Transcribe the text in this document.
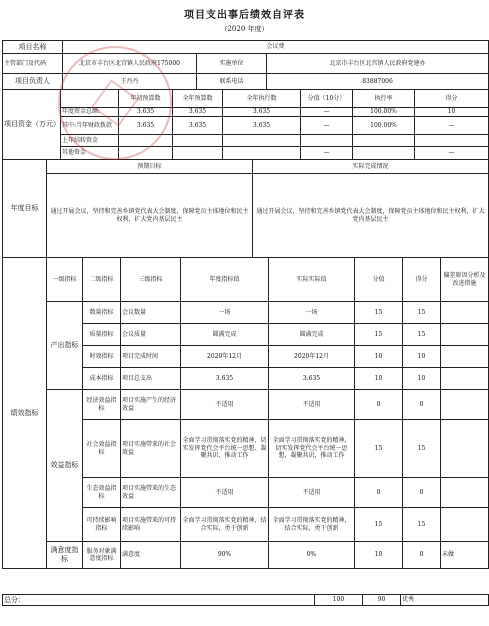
项目支出事后绩效自评表
（2020 年度）
项目名称	会议费		
主管部门及代码	北京市丰台区北宫镇人民政府175000	实施单位	北京市丰台区北宫镇人民政府党建办
项目负责人	王丹丹	联系电话	83887006
项目资金（万元）		年初预算数	全年预算数	全年执行数	分值（10分）	执行率	得分
	年度资金总额:	3.635	3.635	3.635	—	100.00%	10
	其中:当年财政拨款	3.635	3.635	3.635	—	100.00%	—
	上年结转资金						
	其他资金				—		—
年度目标	预期目标	实际完成情况
	通过开展会议，坚持和完善乡镇党代表大会制度，保障党员主体地位和民主权利，扩大党内基层民主	通过开展会议，坚持和完善乡镇党代表大会制度，保障党员主体地位和民主权利，扩大党内基层民主
绩效指标	一级指标	二级指标	三级指标	年度指标值	实际实际值	分值	得分	偏差原因分析及改进措施
	产出指标	数量指标	会议数量	一场	一场	15	15	
		质量指标	会议质量	圆满完成	圆满完成	15	15	
		时效指标	项目完成时间	2020年12月	2020年12月	10	10	
		成本指标	项目总支出	3.635	3.635	10	10	
	效益指标	经济效益指标	项目实施产生的经济效益	不适用	不适用	0	0	
		社会效益指标	项目实施带来的社会效益	全面学习贯彻落实党的精神，切实发挥党代会平台统一思想、凝聚共识、推动工作	全面学习贯彻落实党的精神，切实发挥党代会平台统一思想，凝聚共识，推动工作	15	15	
		生态效益指标	项目实施带来的生态效益	不适用	不适用	0	0	
		可持续影响指标	项目实施带来的可持续影响	全面学习贯彻落实党的精神，结合实际，勇于创新	全面学习贯彻落实党的精神，结合实际，勇于创新	15	15	
	满意度指标	服务对象满意度指标	满意度	90%	0%	10	0	未做
总分：	100	90	优秀
